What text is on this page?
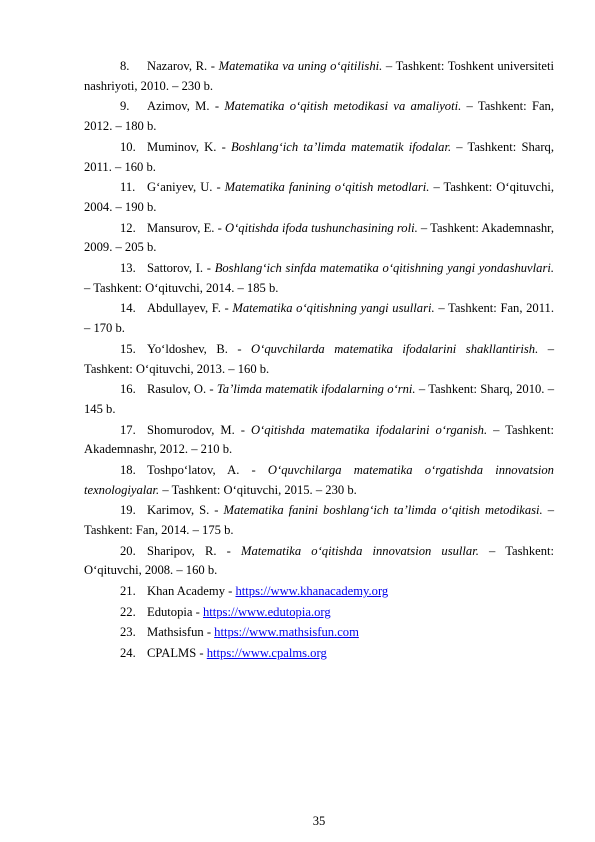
8. Nazarov, R. - Matematika va uning o‘qitilishi. – Tashkent: Toshkent universiteti nashriyoti, 2010. – 230 b.

9. Azimov, M. - Matematika o‘qitish metodikasi va amaliyoti. – Tashkent: Fan, 2012. – 180 b.

10. Muminov, K. - Boshlang‘ich ta’limda matematik ifodalar. – Tashkent: Sharq, 2011. – 160 b.

11. G‘aniyev, U. - Matematika fanining o‘qitish metodlari. – Tashkent: O‘qituvchi, 2004. – 190 b.

12. Mansurov, E. - O‘qitishda ifoda tushunchasining roli. – Tashkent: Akademnashr, 2009. – 205 b.

13. Sattorov, I. - Boshlang‘ich sinfda matematika o‘qitishning yangi yondashuvlari. – Tashkent: O‘qituvchi, 2014. – 185 b.

14. Abdullayev, F. - Matematika o‘qitishning yangi usullari. – Tashkent: Fan, 2011. – 170 b.

15. Yo‘ldoshev, B. - O‘quvchilarda matematika ifodalarini shakllantirish. – Tashkent: O‘qituvchi, 2013. – 160 b.

16. Rasulov, O. - Ta’limda matematik ifodalarning o‘rni. – Tashkent: Sharq, 2010. – 145 b.

17. Shomurodov, M. - O‘qitishda matematika ifodalarini o‘rganish. – Tashkent: Akademnashr, 2012. – 210 b.

18. Toshpo‘latov, A. - O‘quvchilarga matematika o‘rgatishda innovatsion texnologiyalar. – Tashkent: O‘qituvchi, 2015. – 230 b.

19. Karimov, S. - Matematika fanini boshlang‘ich ta’limda o‘qitish metodikasi. – Tashkent: Fan, 2014. – 175 b.

20. Sharipov, R. - Matematika o‘qitishda innovatsion usullar. – Tashkent: O‘qituvchi, 2008. – 160 b.

21. Khan Academy - https://www.khanacademy.org

22. Edutopia - https://www.edutopia.org

23. Mathsisfun - https://www.mathsisfun.com

24. CPALMS - https://www.cpalms.org

35
